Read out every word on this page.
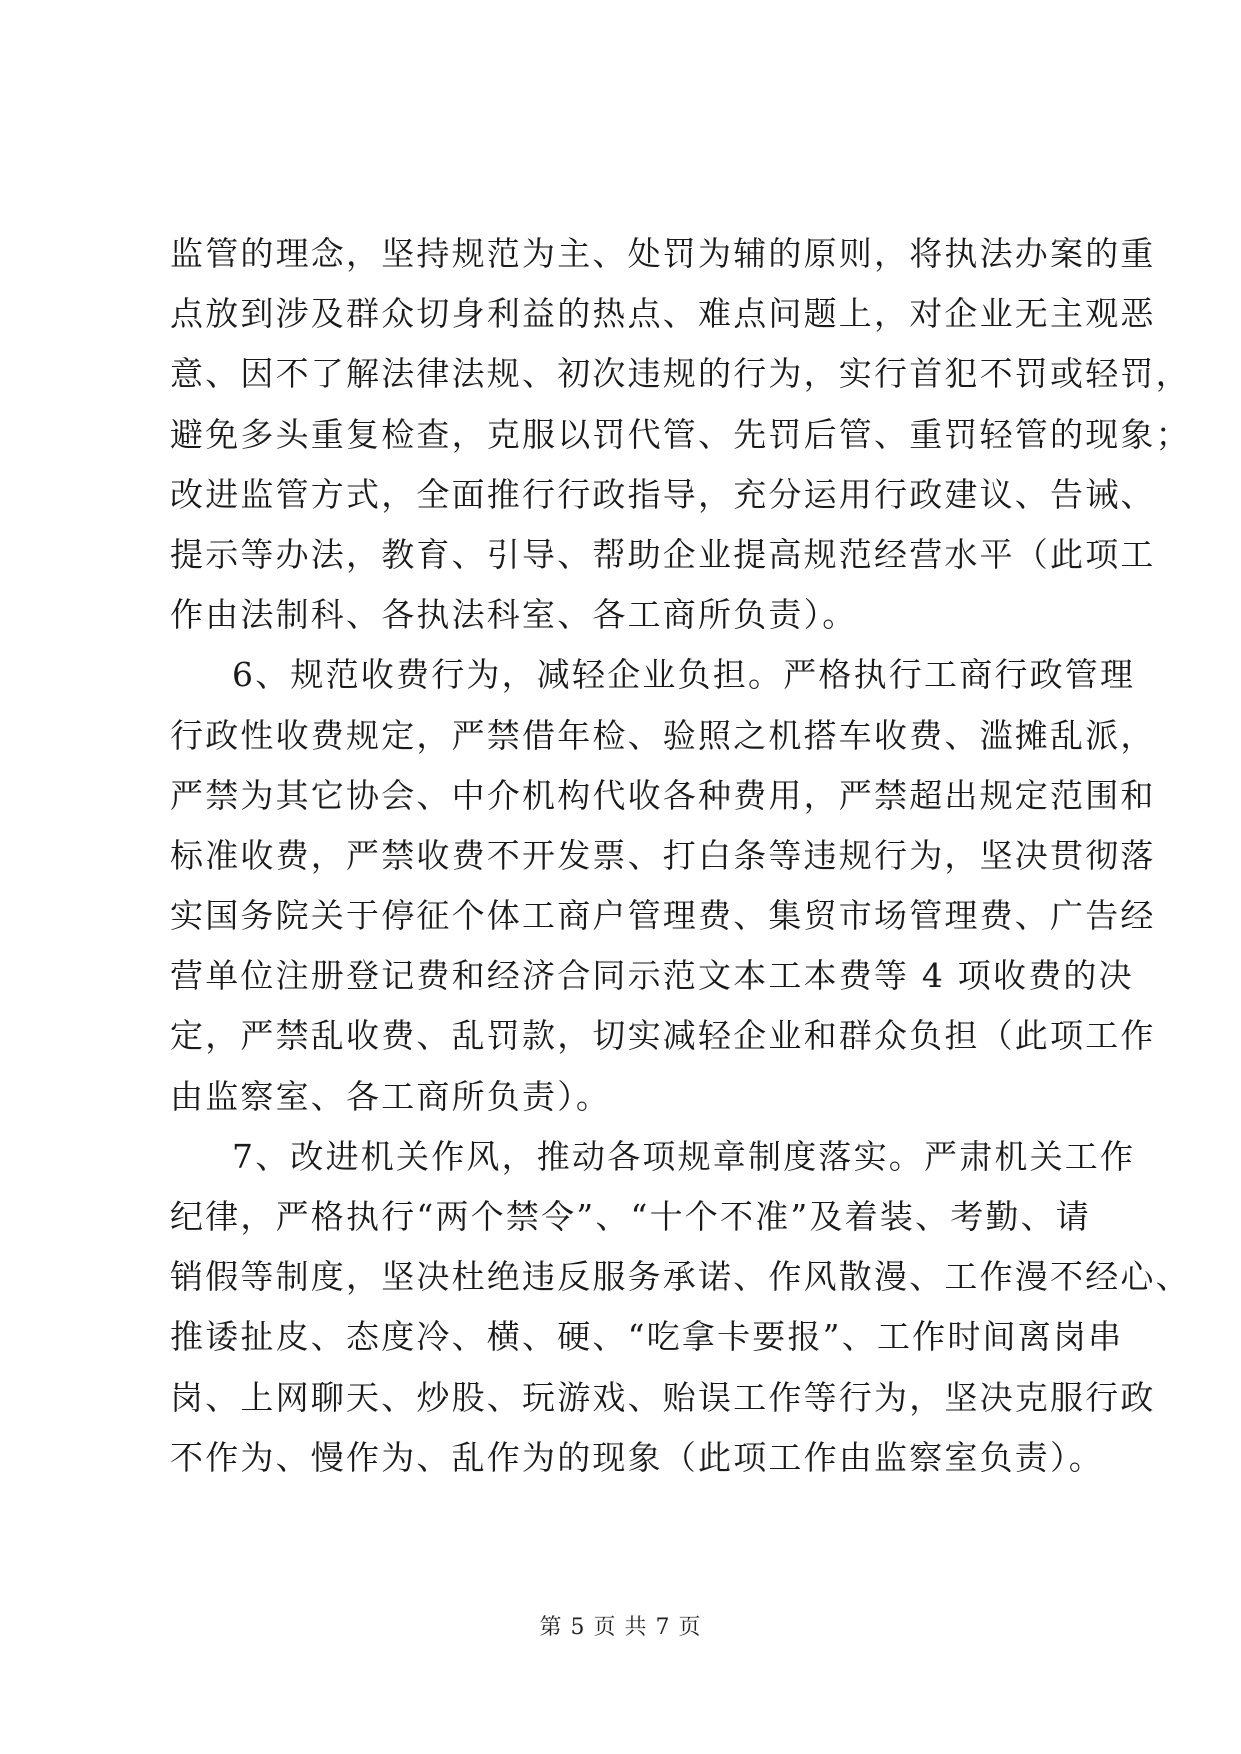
监管的理念，坚持规范为主、处罚为辅的原则，将执法办案的重
点放到涉及群众切身利益的热点、难点问题上，对企业无主观恶
意、因不了解法律法规、初次违规的行为，实行首犯不罚或轻罚，
避免多头重复检查，克服以罚代管、先罚后管、重罚轻管的现象；
改进监管方式，全面推行行政指导，充分运用行政建议、告诫、
提示等办法，教育、引导、帮助企业提高规范经营水平（此项工
作由法制科、各执法科室、各工商所负责）。
6、规范收费行为，减轻企业负担。严格执行工商行政管理
行政性收费规定，严禁借年检、验照之机搭车收费、滥摊乱派，
严禁为其它协会、中介机构代收各种费用，严禁超出规定范围和
标准收费，严禁收费不开发票、打白条等违规行为，坚决贯彻落
实国务院关于停征个体工商户管理费、集贸市场管理费、广告经
营单位注册登记费和经济合同示范文本工本费等 4 项收费的决
定，严禁乱收费、乱罚款，切实减轻企业和群众负担（此项工作
由监察室、各工商所负责）。
7、改进机关作风，推动各项规章制度落实。严肃机关工作
纪律，严格执行“两个禁令”、“十个不准”及着装、考勤、请
销假等制度，坚决杜绝违反服务承诺、作风散漫、工作漫不经心、
推诿扯皮、态度冷、横、硬、“吃拿卡要报”、工作时间离岗串
岗、上网聊天、炒股、玩游戏、贻误工作等行为，坚决克服行政
不作为、慢作为、乱作为的现象（此项工作由监察室负责）。
第 5 页 共 7 页
